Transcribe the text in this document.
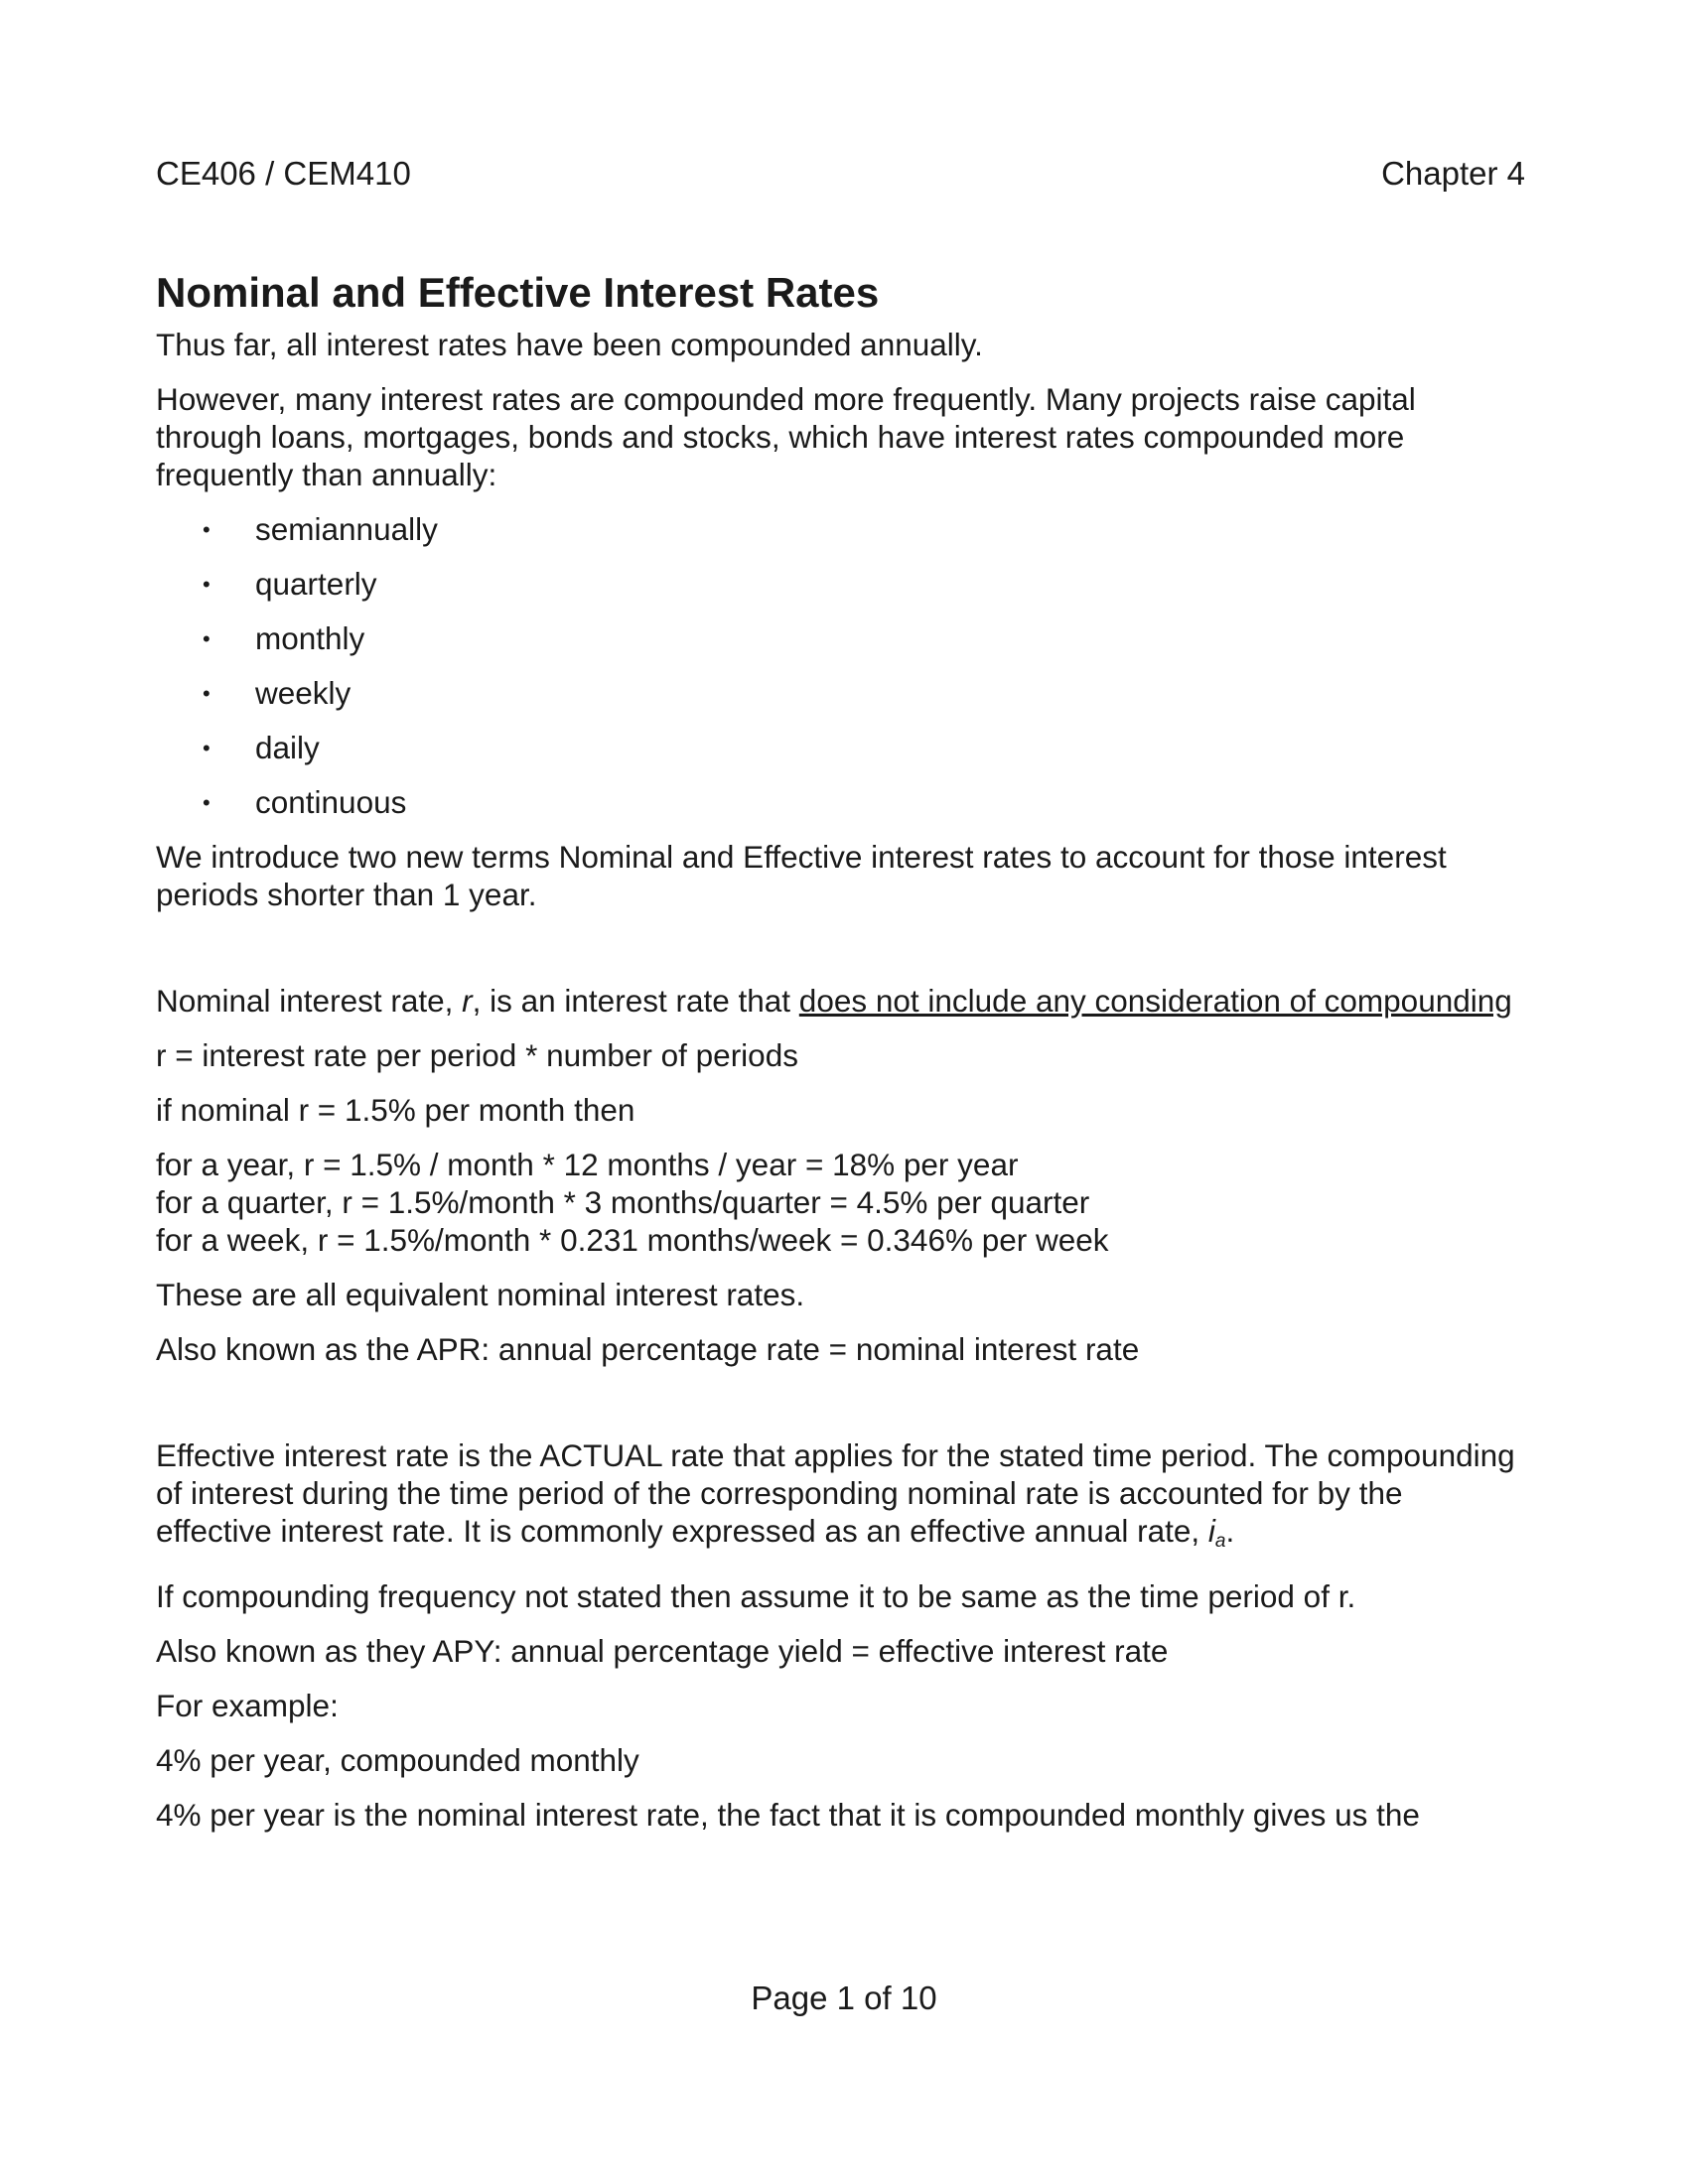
CE406 / CEM410	Chapter 4
Nominal and Effective Interest Rates

Thus far, all interest rates have been compounded annually.

However, many interest rates are compounded more frequently. Many projects raise capital through loans, mortgages, bonds and stocks, which have interest rates compounded more frequently than annually:

• semiannually
• quarterly
• monthly
• weekly
• daily
• continuous

We introduce two new terms Nominal and Effective interest rates to account for those interest periods shorter than 1 year.

Nominal interest rate, r, is an interest rate that does not include any consideration of compounding

r = interest rate per period * number of periods

if nominal r = 1.5% per month then

for a year, r = 1.5% / month * 12 months / year = 18% per year

for a quarter, r = 1.5%/month * 3 months/quarter = 4.5% per quarter

for a week, r = 1.5%/month * 0.231 months/week = 0.346% per week

These are all equivalent nominal interest rates.

Also known as the APR: annual percentage rate = nominal interest rate

Effective interest rate is the ACTUAL rate that applies for the stated time period. The compounding of interest during the time period of the corresponding nominal rate is accounted for by the effective interest rate. It is commonly expressed as an effective annual rate, $i_a$.

If compounding frequency not stated then assume it to be same as the time period of r.

Also known as they APY: annual percentage yield = effective interest rate

For example:

4% per year, compounded monthly

4% per year is the nominal interest rate, the fact that it is compounded monthly gives us the

Page 1 of 10
